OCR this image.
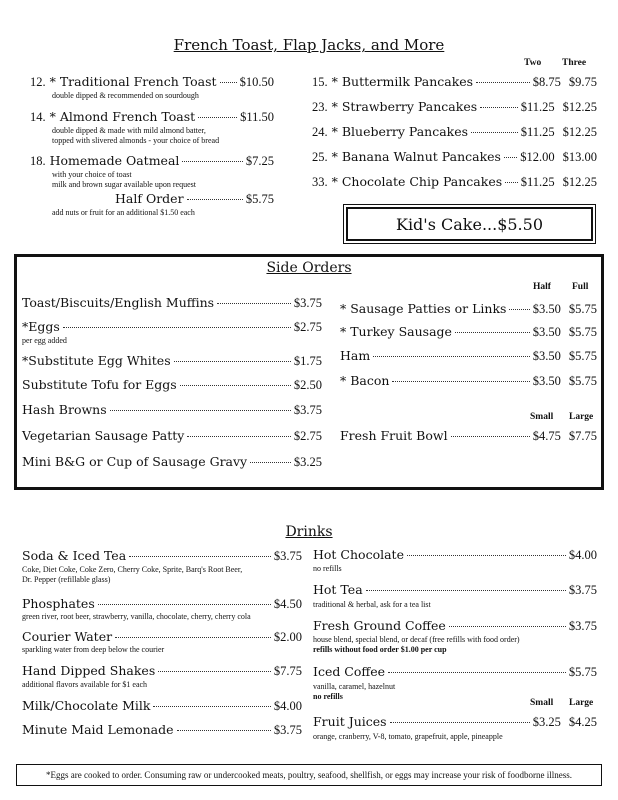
French Toast, Flap Jacks, and More
Two Three
12. * Traditional French Toast $10.50
double dipped & recommended on sourdough
14. * Almond French Toast	$11.50
double dipped & made with mild almond batter,
topped with slivered almonds - your choice of bread
18. Homemade Oatmeal	$7.25
with your choice of toast
milk and brown sugar available upon request
Half Order	$5.75
add nuts or fruit for an additional $1.50 each
15. * Buttermilk Pancakes	$8.75 $9.75
23. * Strawberry Pancakes	$11.25 $12.25
24. * Blueberry Pancakes	$11.25 $12.25
25. * Banana Walnut Pancakes $12.00 $13.00
33. * Chocolate Chip Pancakes $11.25 $12.25
Kid's Cake...$5.50
Side Orders
Toast/Biscuits/English Muffins	$3.75
*Eggs	$2.75
per egg added
*Substitute Egg Whites	$1.75
Substitute Tofu for Eggs	$2.50
Hash Browns	$3.75
Vegetarian Sausage Patty	$2.75
Mini B&G or Cup of Sausage Gravy	$3.25
Half Full
* Sausage Patties or Links $3.50 $5.75
* Turkey Sausage	$3.50 $5.75
Ham	$3.50 $5.75
* Bacon	$3.50 $5.75
Small Large
Fresh Fruit Bowl	$4.75 $7.75
Drinks
Soda & Iced Tea	$3.75
Coke, Diet Coke, Coke Zero, Cherry Coke, Sprite, Barq's Root Beer,
Dr. Pepper (refillable glass)
Phosphates	$4.50
green river, root beer, strawberry, vanilla, chocolate, cherry, cherry cola
Courier Water	$2.00
sparkling water from deep below the courier
Hand Dipped Shakes	$7.75
additional flavors available for $1 each
Milk/Chocolate Milk	$4.00
Minute Maid Lemonade	$3.75
Hot Chocolate	$4.00
no refills
Hot Tea	$3.75
traditional & herbal, ask for a tea list
Fresh Ground Coffee	$3.75
house blend, special blend, or decaf (free refills with food order)
refills without food order $1.00 per cup
Iced Coffee	$5.75
vanilla, caramel, hazelnut
no refills
Small Large
Fruit Juices	$3.25 $4.25
orange, cranberry, V-8, tomato, grapefruit, apple, pineapple
*Eggs are cooked to order. Consuming raw or undercooked meats, poultry, seafood, shellfish, or eggs may increase your risk of foodborne illness.
